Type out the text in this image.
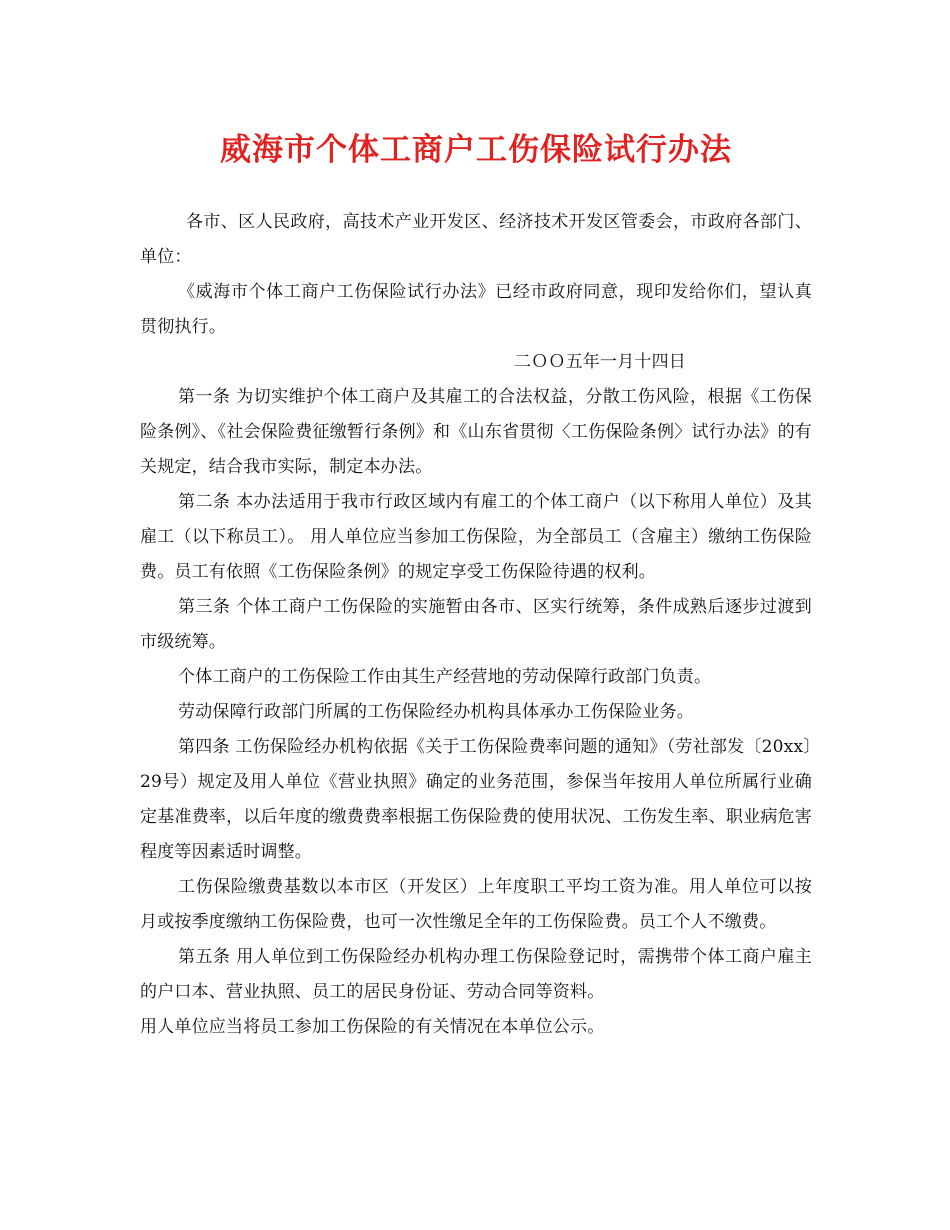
威海市个体工商户工伤保险试行办法

各市、区人民政府，高技术产业开发区、经济技术开发区管委会，市政府各部门、单位：

《威海市个体工商户工伤保险试行办法》已经市政府同意，现印发给你们，望认真贯彻执行。

二ＯＯ五年一月十四日

第一条 为切实维护个体工商户及其雇工的合法权益，分散工伤风险，根据《工伤保险条例》、《社会保险费征缴暂行条例》和《山东省贯彻〈工伤保险条例〉试行办法》的有关规定，结合我市实际，制定本办法。

第二条 本办法适用于我市行政区域内有雇工的个体工商户（以下称用人单位）及其雇工（以下称员工）。 用人单位应当参加工伤保险，为全部员工（含雇主）缴纳工伤保险费。员工有依照《工伤保险条例》的规定享受工伤保险待遇的权利。

第三条 个体工商户工伤保险的实施暂由各市、区实行统筹，条件成熟后逐步过渡到市级统筹。

个体工商户的工伤保险工作由其生产经营地的劳动保障行政部门负责。

劳动保障行政部门所属的工伤保险经办机构具体承办工伤保险业务。

第四条 工伤保险经办机构依据《关于工伤保险费率问题的通知》（劳社部发〔20xx〕29号）规定及用人单位《营业执照》确定的业务范围，参保当年按用人单位所属行业确定基准费率，以后年度的缴费费率根据工伤保险费的使用状况、工伤发生率、职业病危害程度等因素适时调整。

工伤保险缴费基数以本市区（开发区）上年度职工平均工资为准。用人单位可以按月或按季度缴纳工伤保险费，也可一次性缴足全年的工伤保险费。员工个人不缴费。

第五条 用人单位到工伤保险经办机构办理工伤保险登记时，需携带个体工商户雇主的户口本、营业执照、员工的居民身份证、劳动合同等资料。

用人单位应当将员工参加工伤保险的有关情况在本单位公示。
